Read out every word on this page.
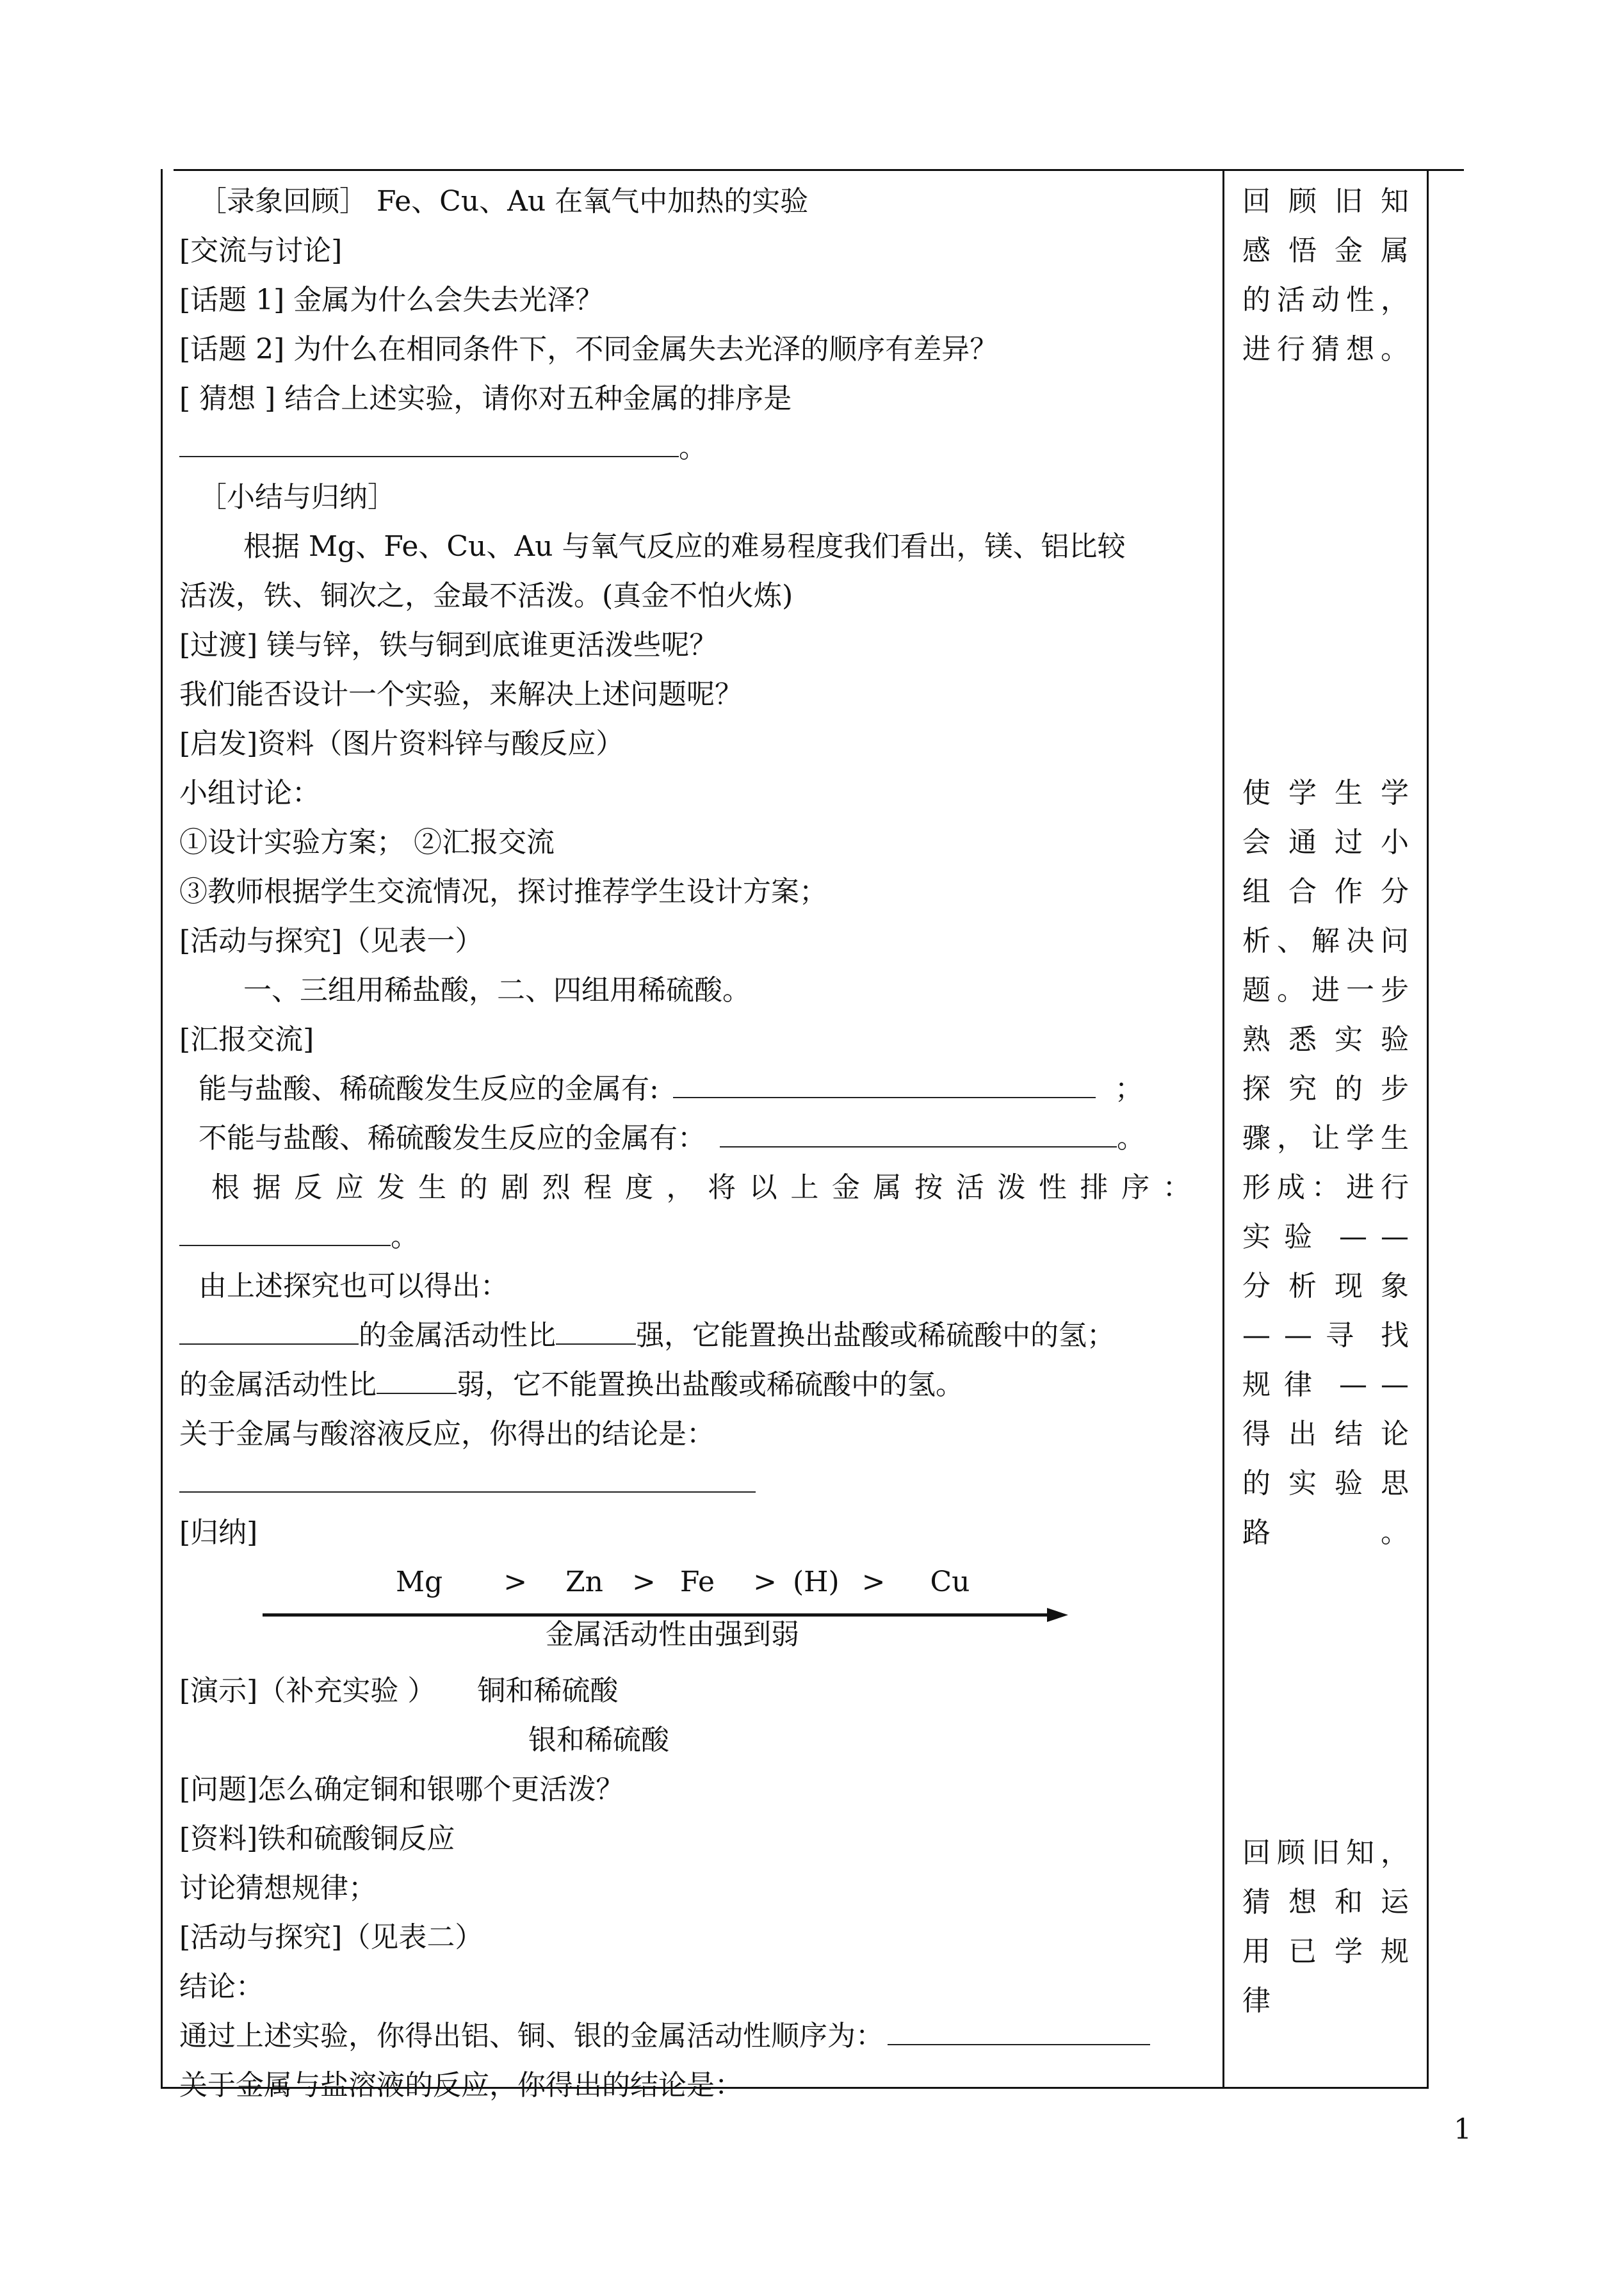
［录象回顾］ Fe、Cu、Au 在氧气中加热的实验
[交流与讨论]
[话题 1] 金属为什么会失去光泽？
[话题 2] 为什么在相同条件下，不同金属失去光泽的顺序有差异？
[ 猜想 ] 结合上述实验，请你对五种金属的排序是
。
［小结与归纳］
根据 Mg、Fe、Cu、Au 与氧气反应的难易程度我们看出，镁、铝比较
活泼，铁、铜次之，金最不活泼。(真金不怕火炼)
[过渡] 镁与锌，铁与铜到底谁更活泼些呢？
我们能否设计一个实验，来解决上述问题呢？
[启发]资料（图片资料锌与酸反应）
小组讨论：
①设计实验方案； ②汇报交流
③教师根据学生交流情况，探讨推荐学生设计方案；
[活动与探究]（见表一）
一、三组用稀盐酸，二、四组用稀硫酸。
[汇报交流]
能与盐酸、稀硫酸发生反应的金属有:	；
不能与盐酸、稀硫酸发生反应的金属有：	。
根 据 反 应 发 生 的 剧 烈 程 度 ， 将 以 上 金 属 按 活 泼 性 排 序 ：
。
由上述探究也可以得出：
的金属活动性比	强，它能置换出盐酸或稀硫酸中的氢；
的金属活动性比	弱，它不能置换出盐酸或稀硫酸中的氢。
关于金属与酸溶液反应，你得出的结论是：
[归纳]
Mg > Zn > Fe > (H) > Cu
金属活动性由强到弱
[演示]（补充实验 ） 铜和稀硫酸
银和稀硫酸
[问题]怎么确定铜和银哪个更活泼？
[资料]铁和硫酸铜反应
讨论猜想规律；
[活动与探究]（见表二）
结论：
通过上述实验，你得出铝、铜、银的金属活动性顺序为：
关于金属与盐溶液的反应，你得出的结论是：
回 顾 旧 知
感 悟 金 属
的 活 动 性 ，
进 行 猜 想 。
使 学 生 学
会 通 过 小
组 合 作 分
析 、 解 决 问
题 。 进 一 步
熟 悉 实 验
探 究 的 步
骤 ， 让 学 生
形 成 ： 进 行
实 验 — —
分 析 现 象
— — 寻 找
规 律 — —
得 出 结 论
的 实 验 思
路	。
回 顾 旧 知 ，
猜 想 和 运
用 已 学 规
律
1
